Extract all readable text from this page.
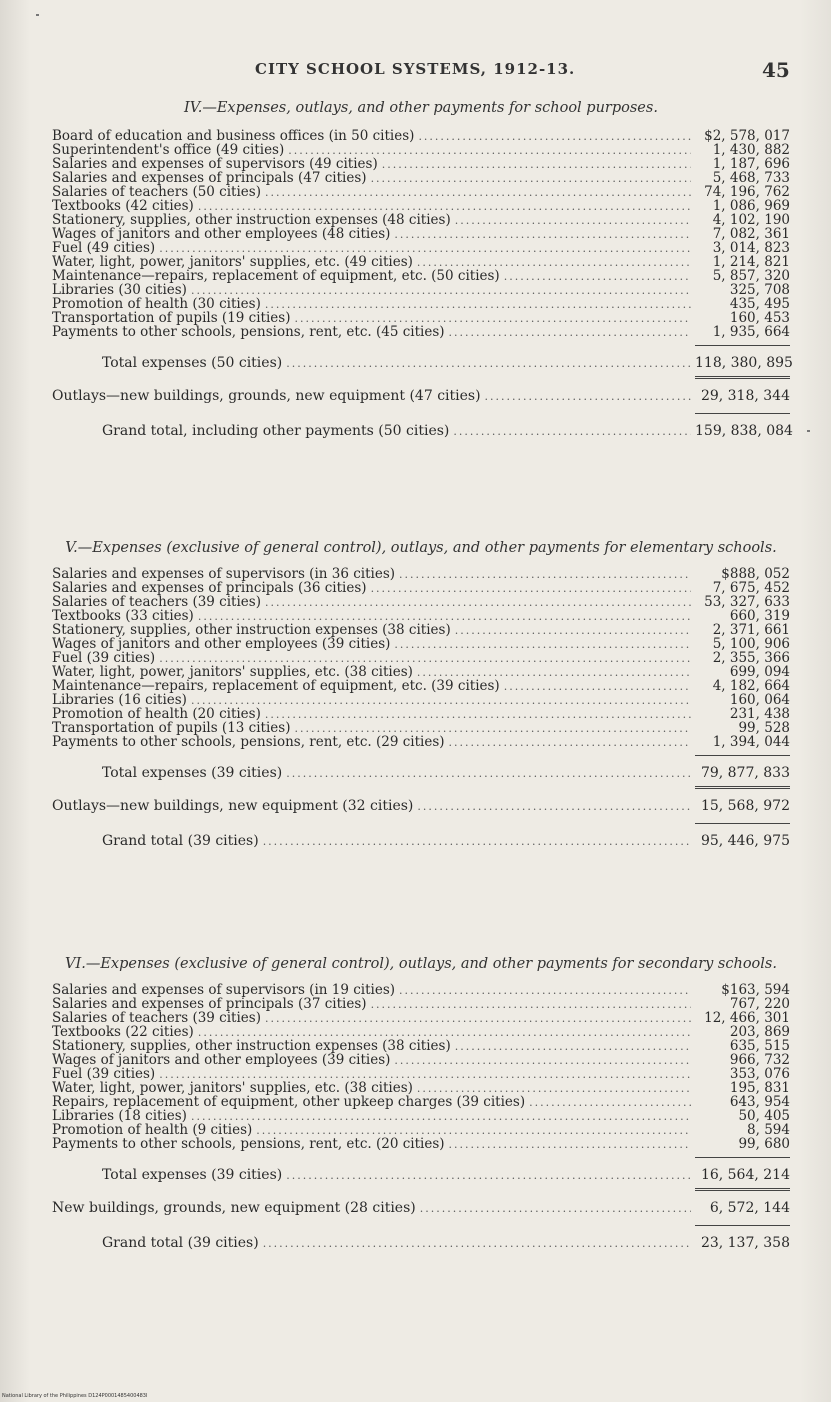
CITY SCHOOL SYSTEMS, 1912-13.	45
IV.—Expenses, outlays, and other payments for school purposes.
Board of education and business offices (in 50 cities) .....	$2, 578, 017
Superintendent's office (49 cities) .....	1, 430, 882
Salaries and expenses of supervisors (49 cities) .....	1, 187, 696
Salaries and expenses of principals (47 cities) .....	5, 468, 733
Salaries of teachers (50 cities) .....	74, 196, 762
Textbooks (42 cities) .....	1, 086, 969
Stationery, supplies, other instruction expenses (48 cities) .....	4, 102, 190
Wages of janitors and other employees (48 cities) .....	7, 082, 361
Fuel (49 cities) .....	3, 014, 823
Water, light, power, janitors' supplies, etc. (49 cities) .....	1, 214, 821
Maintenance—repairs, replacement of equipment, etc. (50 cities) .....	5, 857, 320
Libraries (30 cities) .....	325, 708
Promotion of health (30 cities) .....	435, 495
Transportation of pupils (19 cities) .....	160, 453
Payments to other schools, pensions, rent, etc. (45 cities) .....	1, 935, 664
Total expenses (50 cities) .....	118, 380, 895
Outlays—new buildings, grounds, new equipment (47 cities) .....	29, 318, 344
Grand total, including other payments (50 cities) .....	159, 838, 084
V.—Expenses (exclusive of general control), outlays, and other payments for elementary schools.
Salaries and expenses of supervisors (in 36 cities) .....	$888, 052
Salaries and expenses of principals (36 cities) .....	7, 675, 452
Salaries of teachers (39 cities) .....	53, 327, 633
Textbooks (33 cities) .....	660, 319
Stationery, supplies, other instruction expenses (38 cities) .....	2, 371, 661
Wages of janitors and other employees (39 cities) .....	5, 100, 906
Fuel (39 cities) .....	2, 355, 366
Water, light, power, janitors' supplies, etc. (38 cities) .....	699, 094
Maintenance—repairs, replacement of equipment, etc. (39 cities) .....	4, 182, 664
Libraries (16 cities) .....	160, 064
Promotion of health (20 cities) .....	231, 438
Transportation of pupils (13 cities) .....	99, 528
Payments to other schools, pensions, rent, etc. (29 cities) .....	1, 394, 044
Total expenses (39 cities) .....	79, 877, 833
Outlays—new buildings, new equipment (32 cities) .....	15, 568, 972
Grand total (39 cities) .....	95, 446, 975
VI.—Expenses (exclusive of general control), outlays, and other payments for secondary schools.
Salaries and expenses of supervisors (in 19 cities) .....	$163, 594
Salaries and expenses of principals (37 cities) .....	767, 220
Salaries of teachers (39 cities) .....	12, 466, 301
Textbooks (22 cities) .....	203, 869
Stationery, supplies, other instruction expenses (38 cities) .....	635, 515
Wages of janitors and other employees (39 cities) .....	966, 732
Fuel (39 cities) .....	353, 076
Water, light, power, janitors' supplies, etc. (38 cities) .....	195, 831
Repairs, replacement of equipment, other upkeep charges (39 cities) .....	643, 954
Libraries (18 cities) .....	50, 405
Promotion of health (9 cities) .....	8, 594
Payments to other schools, pensions, rent, etc. (20 cities) .....	99, 680
Total expenses (39 cities) .....	16, 564, 214
New buildings, grounds, new equipment (28 cities) .....	6, 572, 144
Grand total (39 cities) .....	23, 137, 358
National Library of the Philippines D124P0001485400483I
